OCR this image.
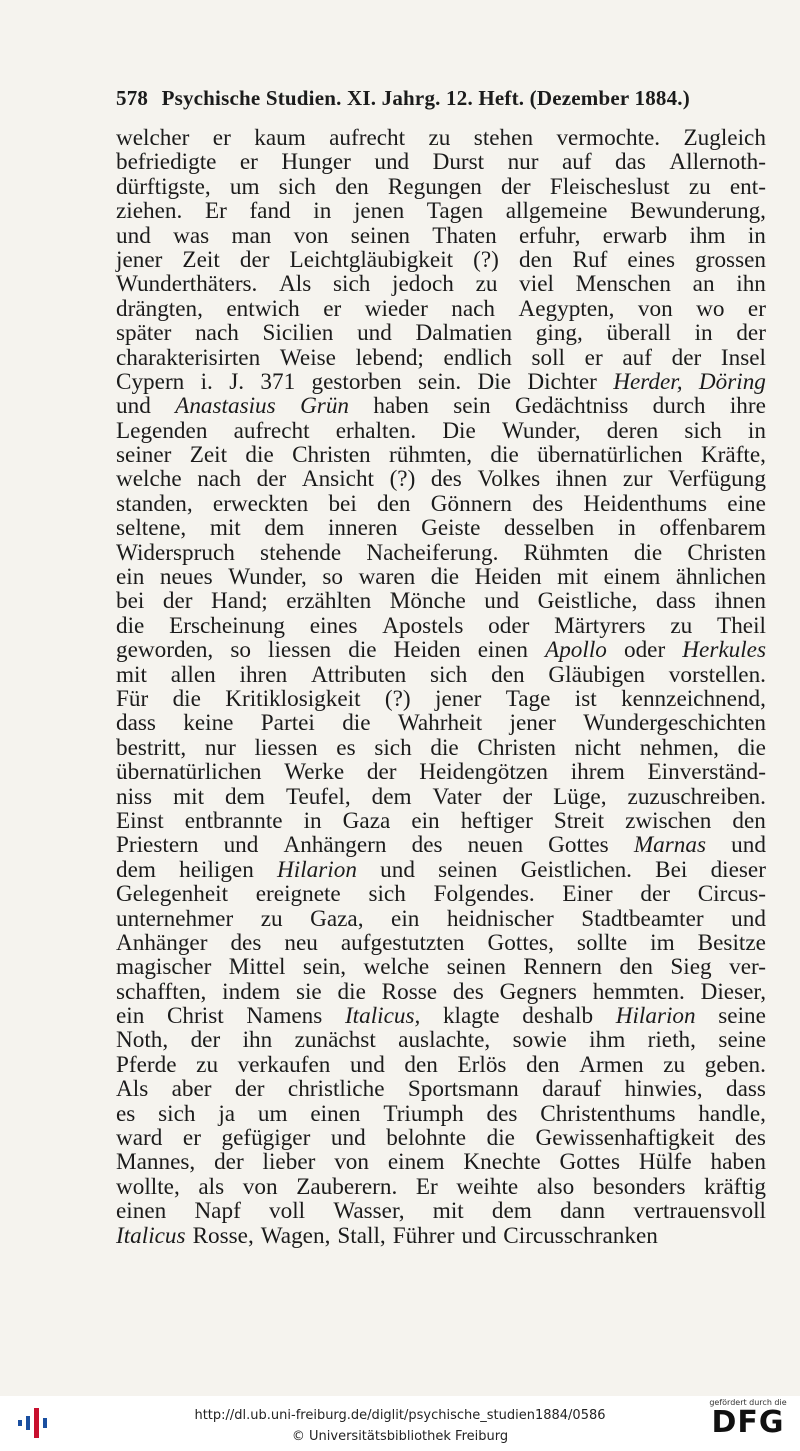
578 Psychische Studien. XI. Jahrg. 12. Heft. (Dezember 1884.)
welcher er kaum aufrecht zu stehen vermochte. Zugleich
befriedigte er Hunger und Durst nur auf das Allernoth-
dürftigste, um sich den Regungen der Fleischeslust zu ent-
ziehen. Er fand in jenen Tagen allgemeine Bewunderung,
und was man von seinen Thaten erfuhr, erwarb ihm in
jener Zeit der Leichtgläubigkeit (?) den Ruf eines grossen
Wunderthäters. Als sich jedoch zu viel Menschen an ihn
drängten, entwich er wieder nach Aegypten, von wo er
später nach Sicilien und Dalmatien ging, überall in der
charakterisirten Weise lebend; endlich soll er auf der Insel
Cypern i. J. 371 gestorben sein. Die Dichter Herder, Döring
und Anastasius Grün haben sein Gedächtniss durch ihre
Legenden aufrecht erhalten. Die Wunder, deren sich in
seiner Zeit die Christen rühmten, die übernatürlichen Kräfte,
welche nach der Ansicht (?) des Volkes ihnen zur Verfügung
standen, erweckten bei den Gönnern des Heidenthums eine
seltene, mit dem inneren Geiste desselben in offenbarem
Widerspruch stehende Nacheiferung. Rühmten die Christen
ein neues Wunder, so waren die Heiden mit einem ähnlichen
bei der Hand; erzählten Mönche und Geistliche, dass ihnen
die Erscheinung eines Apostels oder Märtyrers zu Theil
geworden, so liessen die Heiden einen Apollo oder Herkules
mit allen ihren Attributen sich den Gläubigen vorstellen.
Für die Kritiklosigkeit (?) jener Tage ist kennzeichnend,
dass keine Partei die Wahrheit jener Wundergeschichten
bestritt, nur liessen es sich die Christen nicht nehmen, die
übernatürlichen Werke der Heidengötzen ihrem Einverständ-
niss mit dem Teufel, dem Vater der Lüge, zuzuschreiben.
Einst entbrannte in Gaza ein heftiger Streit zwischen den
Priestern und Anhängern des neuen Gottes Marnas und
dem heiligen Hilarion und seinen Geistlichen. Bei dieser
Gelegenheit ereignete sich Folgendes. Einer der Circus-
unternehmer zu Gaza, ein heidnischer Stadtbeamter und
Anhänger des neu aufgestutzten Gottes, sollte im Besitze
magischer Mittel sein, welche seinen Rennern den Sieg ver-
schafften, indem sie die Rosse des Gegners hemmten. Dieser,
ein Christ Namens Italicus, klagte deshalb Hilarion seine
Noth, der ihn zunächst auslachte, sowie ihm rieth, seine
Pferde zu verkaufen und den Erlös den Armen zu geben.
Als aber der christliche Sportsmann darauf hinwies, dass
es sich ja um einen Triumph des Christenthums handle,
ward er gefügiger und belohnte die Gewissenhaftigkeit des
Mannes, der lieber von einem Knechte Gottes Hülfe haben
wollte, als von Zauberern. Er weihte also besonders kräftig
einen Napf voll Wasser, mit dem dann vertrauensvoll
Italicus Rosse, Wagen, Stall, Führer und Circusschranken
http://dl.ub.uni-freiburg.de/diglit/psychische_studien1884/0586
© Universitätsbibliothek Freiburg
gefördert durch die
DFG
